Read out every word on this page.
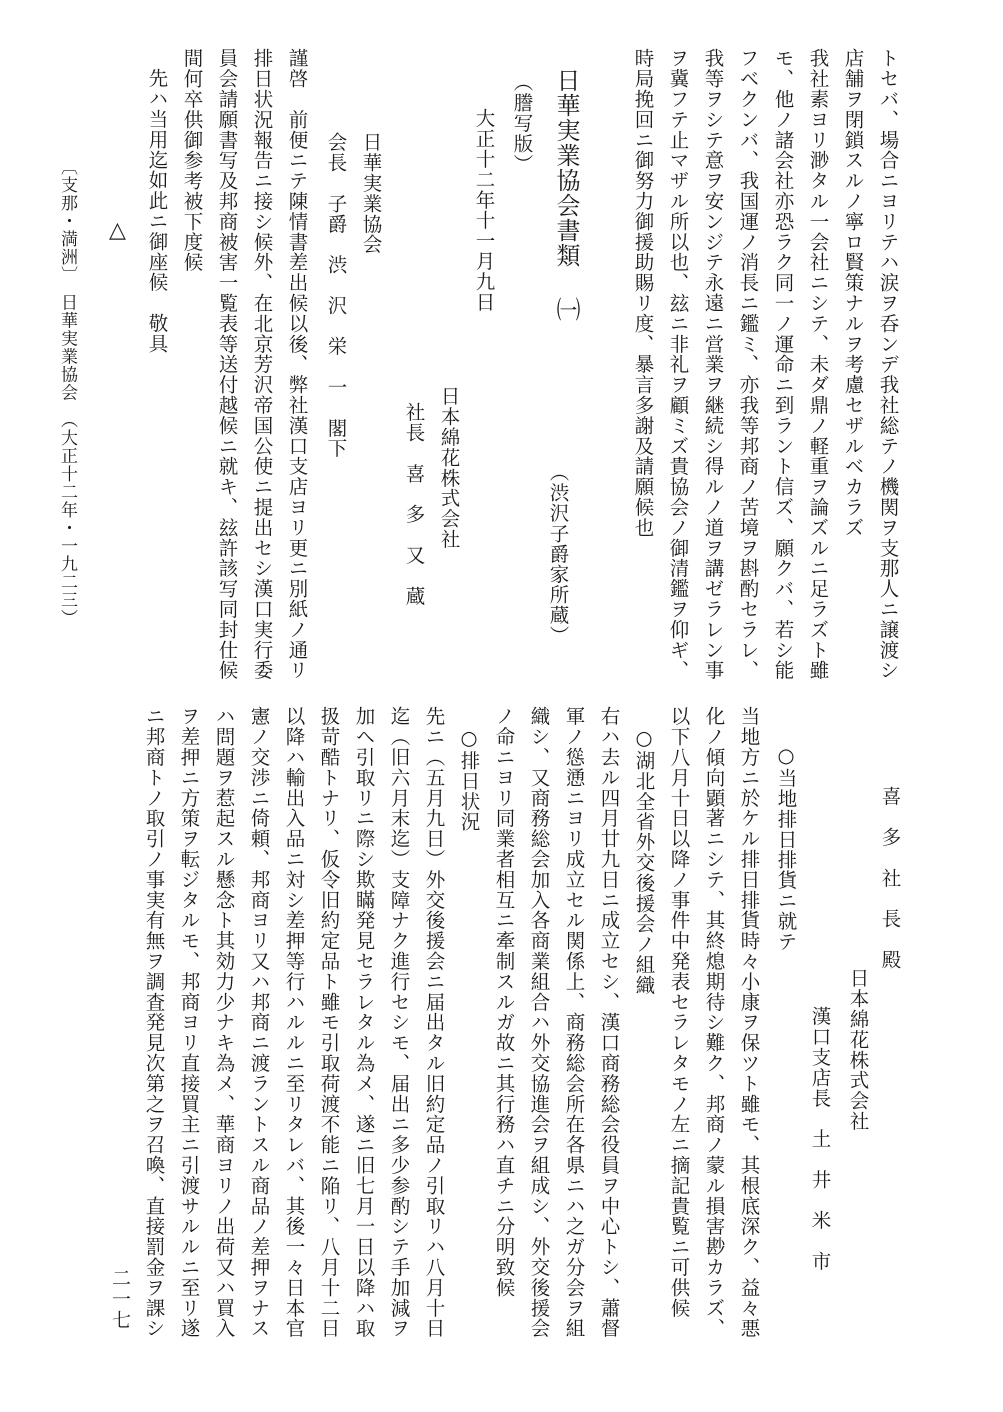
トセバ、場合ニヨリテハ涙ヲ呑ンデ我社総テノ機関ヲ支那人ニ譲渡シ
店舗ヲ閉鎖スルノ寧ロ賢策ナルヲ考慮セザルベカラズ
我社素ヨリ渺タル一会社ニシテ、未ダ鼎ノ軽重ヲ論ズルニ足ラズト雖
モ、他ノ諸会社亦恐ラク同一ノ運命ニ到ラント信ズ、願クバ、若シ能
フベクンバ、我国運ノ消長ニ鑑ミ、亦我等邦商ノ苦境ヲ斟酌セラレ、
我等ヲシテ意ヲ安ンジテ永遠ニ営業ヲ継続シ得ルノ道ヲ講ゼラレン事
ヲ冀フテ止マザル所以也、玆ニ非礼ヲ顧ミズ貴協会ノ御清鑑ヲ仰ギ、
時局挽回ニ御努力御援助賜リ度、暴言多謝及請願候也
（渋沢子爵家所蔵）
日華実業協会書類 ㈠
（謄写版）
大正十二年十一月九日
日本綿花株式会社
社長　喜　多　又　蔵
日華実業協会
会長　子爵　渋　沢　栄　一　閣下
謹啓　前便ニテ陳情書差出候以後、弊社漢口支店ヨリ更ニ別紙ノ通リ
排日状況報告ニ接シ候外、在北京芳沢帝国公使ニ提出セシ漢口実行委
員会請願書写及邦商被害一覧表等送付越候ニ就キ、玆許該写同封仕候
間何卒供御参考被下度候
先ハ当用迄如此ニ御座候　敬具
△
〔支那・満洲〕　日華実業協会　（大正十二年・一九二三）
喜　多　社　長　殿
日本綿花株式会社
漢口支店長　土　井　米　市
○当地排日排貨ニ就テ
当地方ニ於ケル排日排貨時々小康ヲ保ツト雖モ、其根底深ク、益々悪
化ノ傾向顕著ニシテ、其終熄期待シ難ク、邦商ノ蒙ル損害尠カラズ、
以下八月十日以降ノ事件中発表セラレタモノ左ニ摘記貴覧ニ可供候
　○湖北全省外交後援会ノ組織
右ハ去ル四月廿九日ニ成立セシ、漢口商務総会役員ヲ中心トシ、蕭督
軍ノ慫慂ニヨリ成立セル関係上、商務総会所在各県ニハ之ガ分会ヲ組
織シ、又商務総会加入各商業組合ハ外交協進会ヲ組成シ、外交後援会
ノ命ニヨリ同業者相互ニ牽制スルガ故ニ其行務ハ直チニ分明致候
　○排日状況
先ニ（五月九日）外交後援会ニ届出タル旧約定品ノ引取リハ八月十日
迄（旧六月末迄）支障ナク進行セシモ、届出ニ多少参酌シテ手加減ヲ
加ヘ引取リニ際シ欺瞞発見セラレタル為メ、遂ニ旧七月一日以降ハ取
扱苛酷トナリ、仮令旧約定品ト雖モ引取荷渡不能ニ陥リ、八月十二日
以降ハ輸出入品ニ対シ差押等行ハルルニ至リタレバ、其後一々日本官
憲ノ交渉ニ倚頼、邦商ヨリ又ハ邦商ニ渡ラントスル商品ノ差押ヲナス
ハ問題ヲ惹起スル懸念ト其効力少ナキ為メ、華商ヨリノ出荷又ハ買入
ヲ差押ニ方策ヲ転ジタルモ、邦商ヨリ直接買主ニ引渡サルルニ至リ遂
ニ邦商トノ取引ノ事実有無ヲ調査発見次第之ヲ召喚、直接罰金ヲ課シ
二一七
